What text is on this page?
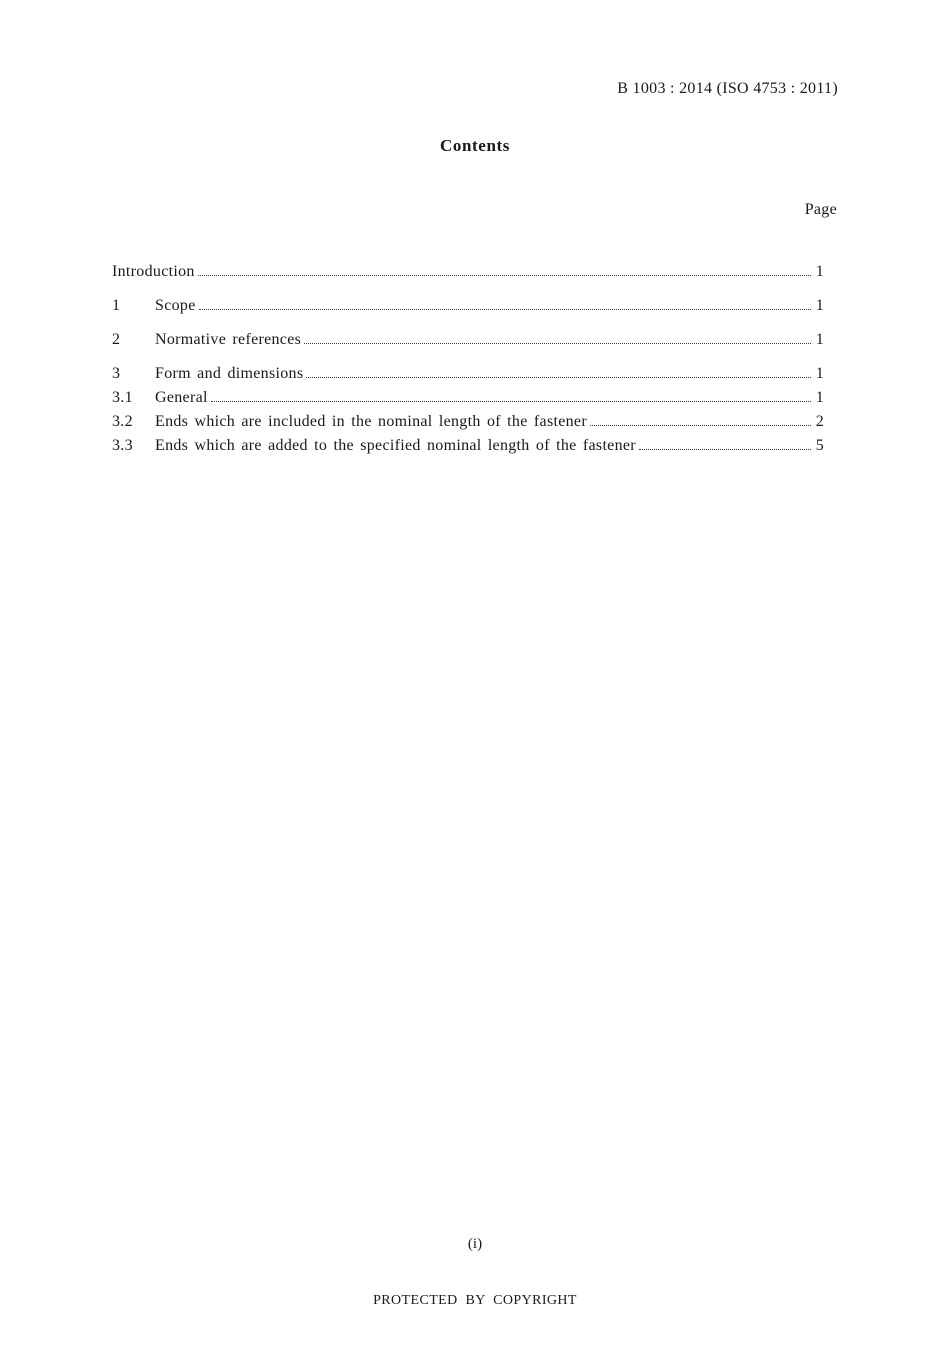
B 1003 : 2014 (ISO 4753 : 2011)
Contents
Page
Introduction	1
1	Scope	1
2	Normative references	1
3	Form and dimensions	1
3.1	General	1
3.2	Ends which are included in the nominal length of the fastener	2
3.3	Ends which are added to the specified nominal length of the fastener	5
(i)
PROTECTED BY COPYRIGHT
